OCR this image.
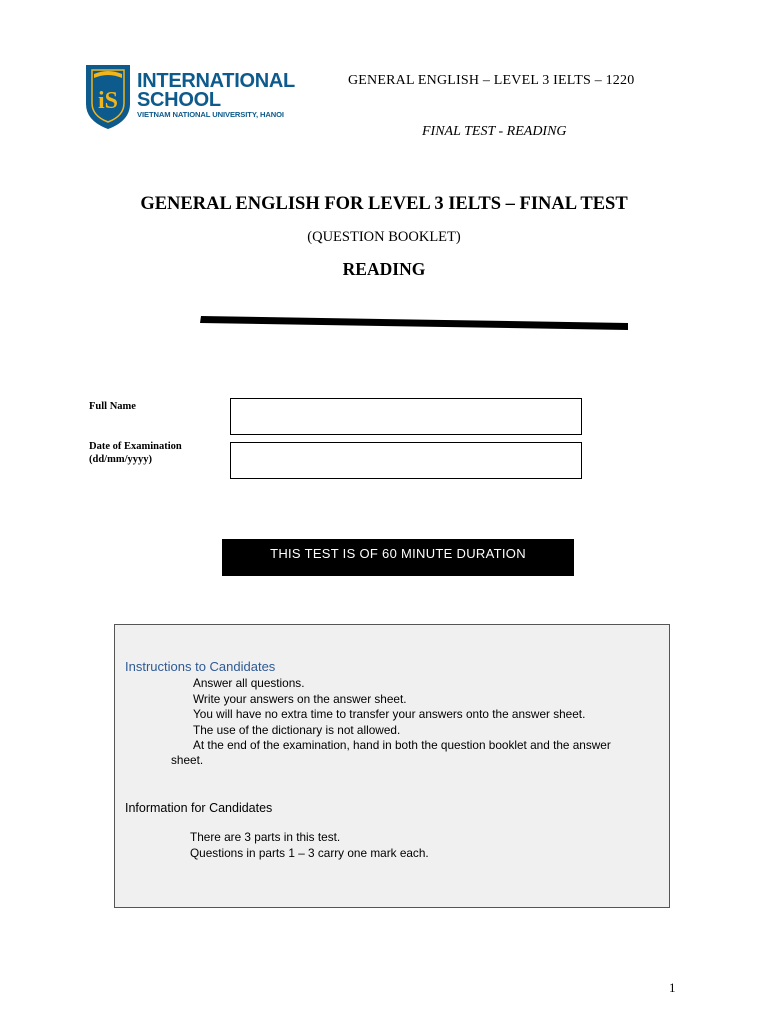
iS
INTERNATIONAL
SCHOOL
VIETNAM NATIONAL UNIVERSITY, HANOI
GENERAL ENGLISH – LEVEL 3 IELTS – 1220
FINAL TEST - READING
GENERAL ENGLISH FOR LEVEL 3 IELTS – FINAL TEST
(QUESTION BOOKLET)
READING
Full Name
Date of Examination
(dd/mm/yyyy)
THIS TEST IS OF 60 MINUTE DURATION
Instructions to Candidates
Answer all questions.
Write your answers on the answer sheet.
You will have no extra time to transfer your answers onto the answer sheet.
The use of the dictionary is not allowed.
At the end of the examination, hand in both the question booklet and the answer
sheet.
Information for Candidates
There are 3 parts in this test.
Questions in parts 1 – 3 carry one mark each.
1
